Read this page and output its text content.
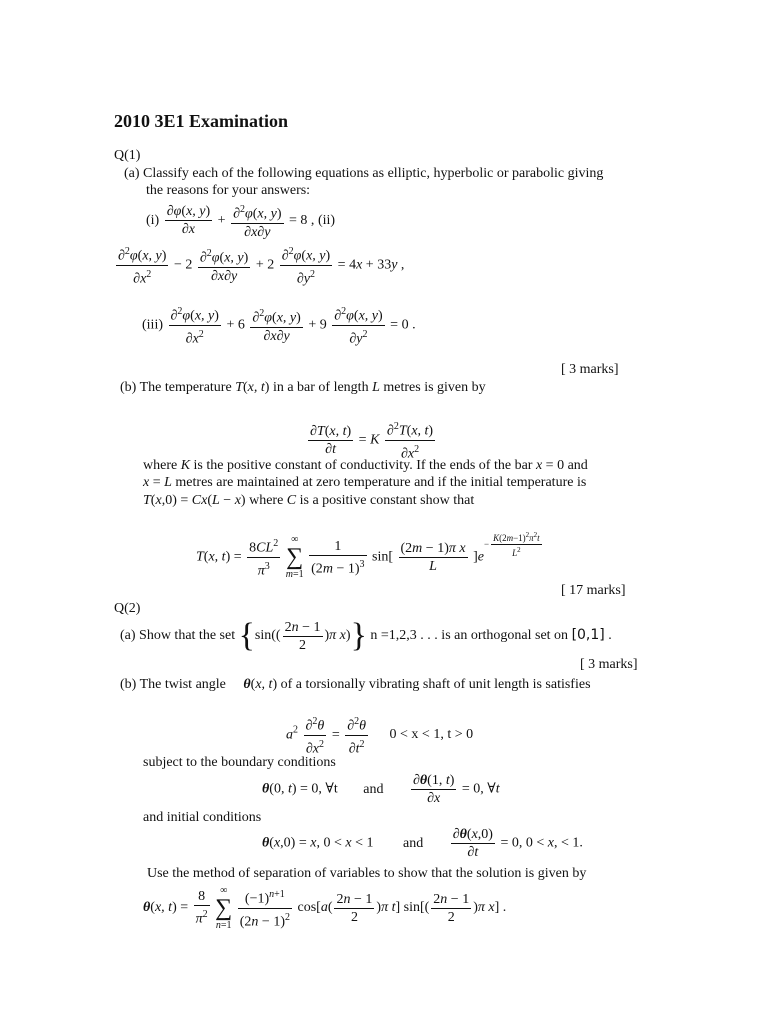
2010 3E1 Examination
Q(1)
(a) Classify each of the following equations as elliptic, hyperbolic or parabolic giving
the reasons for your answers:
$(i) \frac{\partial\varphi(x, y)}{\partial x} + \frac{\partial^2\varphi(x, y)}{\partial x\partial y} = 8$ , (ii)
$\frac{\partial^2\varphi(x, y)}{\partial x^2} - 2 \frac{\partial^2\varphi(x, y)}{\partial x\partial y} + 2 \frac{\partial^2\varphi(x, y)}{\partial y^2} = 4x + 33y$ ,
$(iii) \frac{\partial^2\varphi(x, y)}{\partial x^2} + 6 \frac{\partial^2\varphi(x, y)}{\partial x\partial y} + 9 \frac{\partial^2\varphi(x, y)}{\partial y^2} = 0$ .
[ 3 marks]
(b) The temperature T(x, t) in a bar of length L metres is given by
$\frac{\partial T(x, t)}{\partial t} = K \frac{\partial^2T(x, t)}{\partial x^2}$
where K is the positive constant of conductivity. If the ends of the bar x = 0 and
x = L metres are maintained at zero temperature and if the initial temperature is
T(x,0) = Cx(L − x) where C is a positive constant show that
T(x, $t) = \frac{8CL^2}{\pi^3}$ ∞
∑
$m=1 \frac{1}{(2m - 1)^3} \sin[ \frac{\text{(2m − 1)π x}}{L} ]e^{- \frac{K(2m-1)^2\pi^2t}{L^2}}$
[ 17 marks]
Q(2)
(a) Show that the set {$\sin(( \frac{2n - 1}{2} )\pi$ x)} n =1,2,3 . . . is an orthogonal set on [0,1] .
[ 3 marks]
(b) The twist angle θ(x, t) of a torsionally vibrating shaft of unit length is satisfies
$a^2 \frac{\partial^2\theta}{\partial x^2} = \frac{\partial^2\theta}{\partial t^2} 0 < x < 1$, t > 0
subject to the boundary conditions
θ(0, t) = 0, ∀t and $\frac{\partial\theta(1, t)}{\partial x} = 0$, ∀t
and initial conditions
θ(x,0) = x, 0 < x < 1 and $\frac{\partial\theta(x,0)}{\partial t} = 0$, 0 < x, < 1.
Use the method of separation of variables to show that the solution is given by
θ(x, $t) = \frac{8}{\pi^2}$ ∞
∑
$n=1 \frac{(-1)^{n+1}}{(2n - 1)^2} \cos[a( \frac{2n - 1}{2} )\pi$ t] $\sin[( \frac{2n - 1}{2} )\pi$ x] .
